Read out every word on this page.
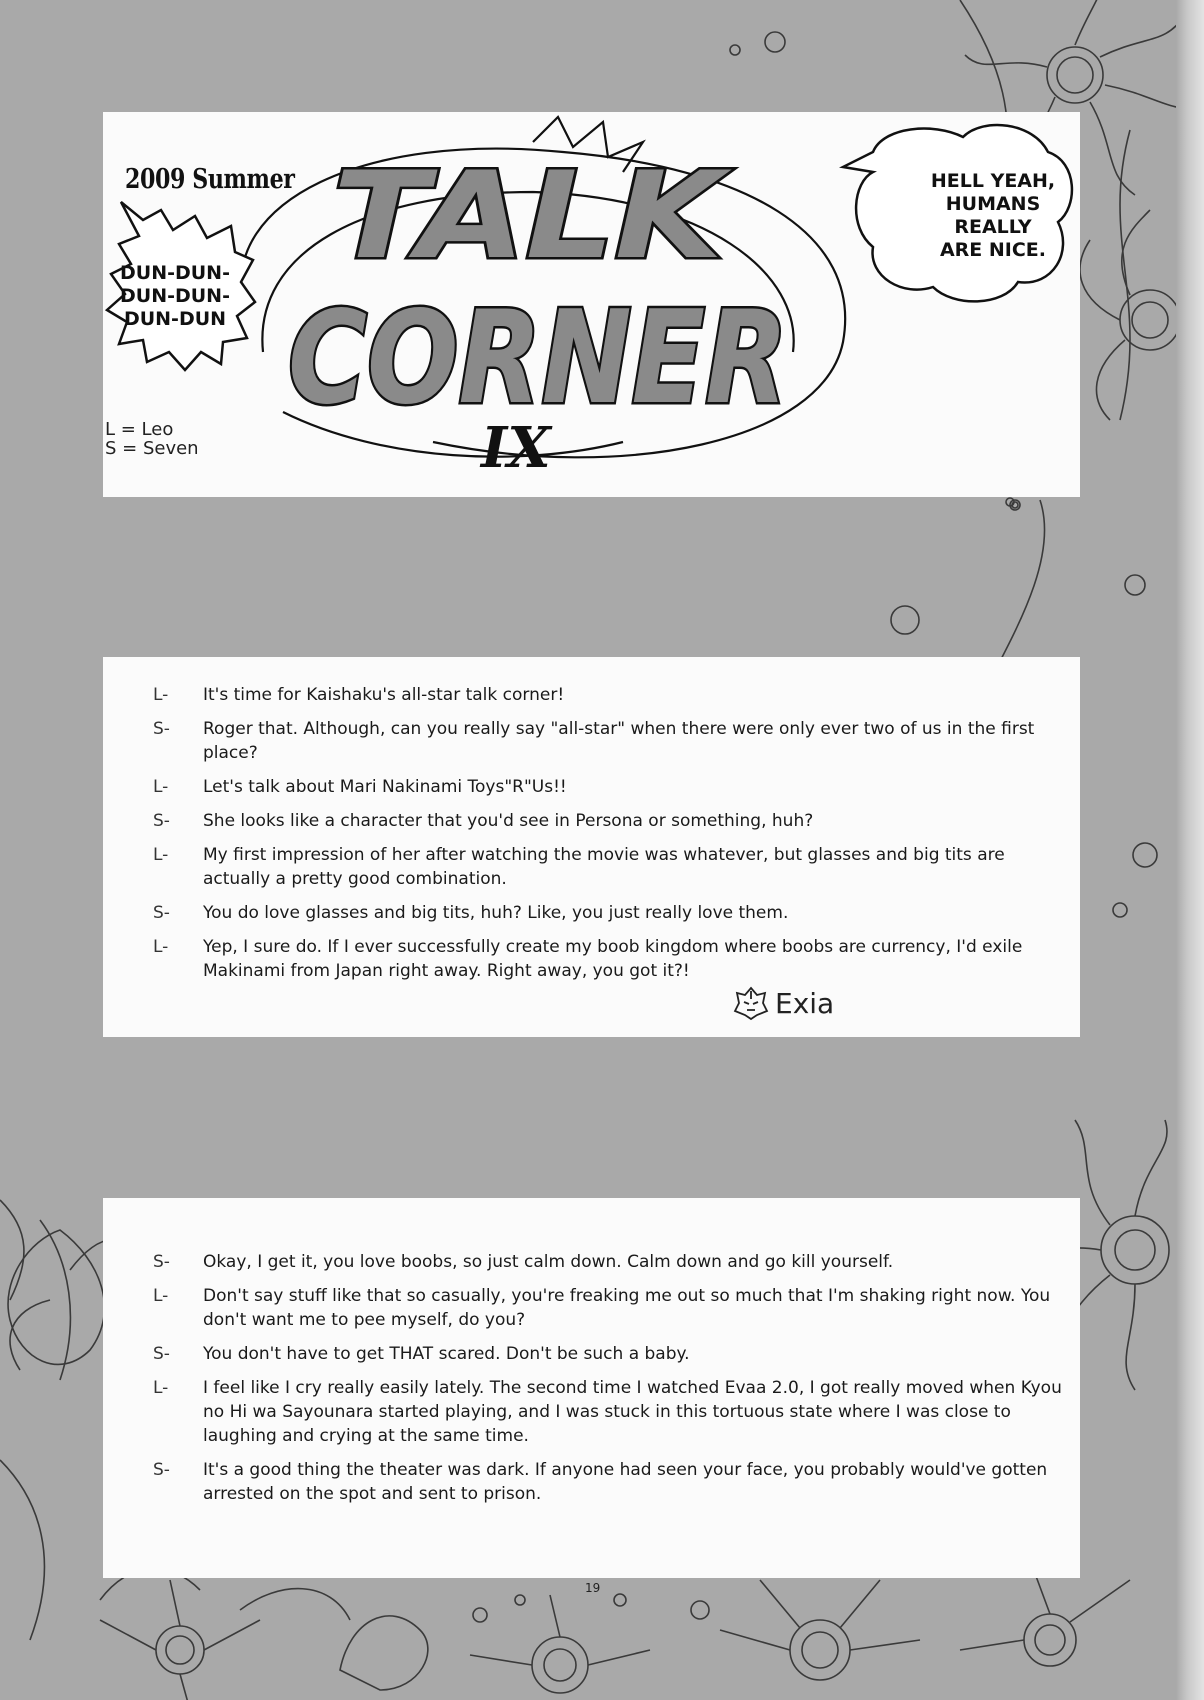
2009 Summer TALK
CORNER
IX
DUN-DUN-
DUN-DUN-
DUN-DUN
HELL YEAH,
HUMANS
REALLY
ARE NICE.
L = Leo
S = Seven
L-	It's time for Kaishaku's all-star talk corner!
S-	Roger that. Although, can you really say "all-star" when there were only ever two of us in the first place?
L-	Let's talk about Mari Nakinami Toys"R"Us!!
S-	She looks like a character that you'd see in Persona or something, huh?
L-	My first impression of her after watching the movie was whatever, but glasses and big tits are actually a pretty good combination.
S-	You do love glasses and big tits, huh? Like, you just really love them.
L-	Yep, I sure do. If I ever successfully create my boob kingdom where boobs are currency, I'd exile Makinami from Japan right away. Right away, you got it?!
Exia
S-	Okay, I get it, you love boobs, so just calm down. Calm down and go kill yourself.
L-	Don't say stuff like that so casually, you're freaking me out so much that I'm shaking right now. You don't want me to pee myself, do you?
S-	You don't have to get THAT scared. Don't be such a baby.
L-	I feel like I cry really easily lately. The second time I watched Evaa 2.0, I got really moved when Kyou no Hi wa Sayounara started playing, and I was stuck in this tortuous state where I was close to laughing and crying at the same time.
S-	It's a good thing the theater was dark. If anyone had seen your face, you probably would've gotten arrested on the spot and sent to prison.
19
